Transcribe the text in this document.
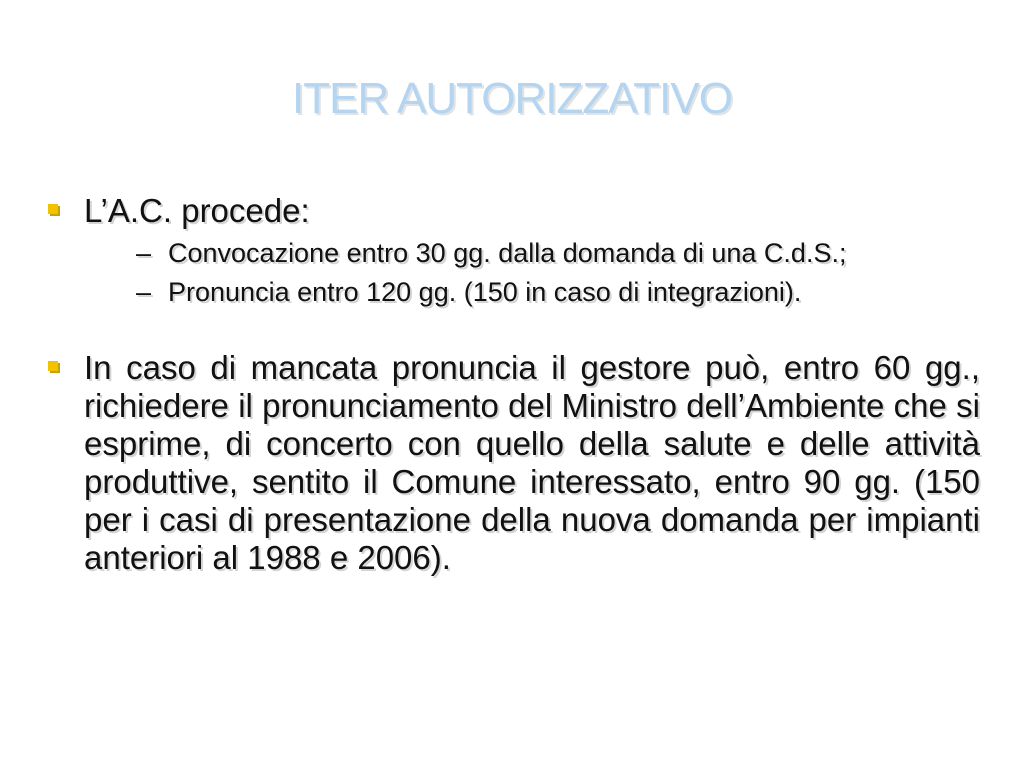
ITER AUTORIZZATIVO
L’A.C. procede:
– Convocazione entro 30 gg. dalla domanda di una C.d.S.;
– Pronuncia entro 120 gg. (150 in caso di integrazioni).
In caso di mancata pronuncia il gestore può, entro 60 gg., richiedere il pronunciamento del Ministro dell’Ambiente che si esprime, di concerto con quello della salute e delle attività produttive, sentito il Comune interessato, entro 90 gg. (150 per i casi di presentazione della nuova domanda per impianti anteriori al 1988 e 2006).
